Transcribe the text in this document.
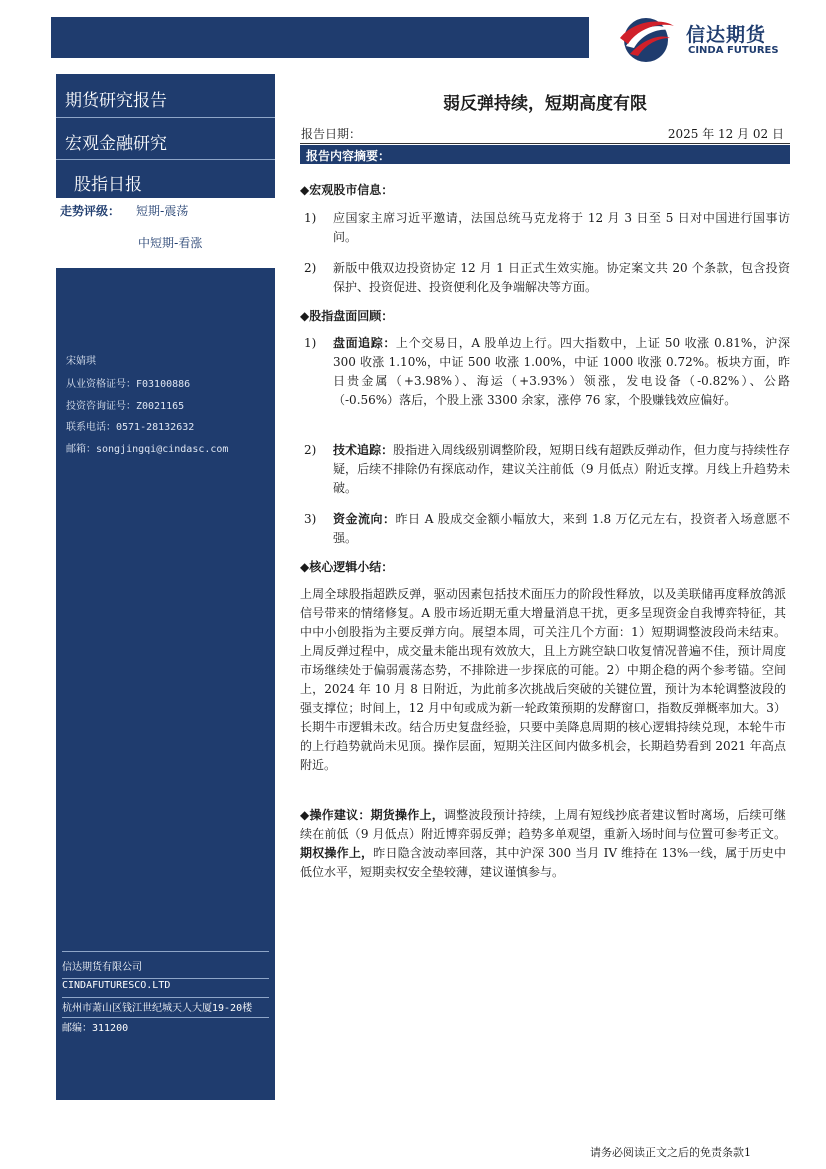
信达期货
CINDA FUTURES
期货研究报告
宏观金融研究
股指日报
走势评级： 短期-震荡
中短期-看涨
宋婧琪
从业资格证号：F03100886
投资咨询证号：Z0021165
联系电话：0571-28132632
邮箱：songjingqi@cindasc.com
信达期货有限公司
CINDAFUTURESCO.LTD
杭州市萧山区钱江世纪城天人大厦19-20楼
邮编：311200
弱反弹持续，短期高度有限
报告日期：	2025 年 12 月 02 日
报告内容摘要：
◆宏观股市信息：
1) 应国家主席习近平邀请，法国总统马克龙将于 12 月 3 日至 5 日对中国进行国事访问。
2) 新版中俄双边投资协定 12 月 1 日正式生效实施。协定案文共 20 个条款，包含投资保护、投资促进、投资便利化及争端解决等方面。
◆股指盘面回顾：
1) 盘面追踪：上个交易日，A 股单边上行。四大指数中，上证 50 收涨 0.81%，沪深 300 收涨 1.10%，中证 500 收涨 1.00%，中证 1000 收涨 0.72%。板块方面，昨日贵金属（+3.98%）、海运（+3.93%）领涨，发电设备（-0.82%）、公路（-0.56%）落后，个股上涨 3300 余家，涨停 76 家，个股赚钱效应偏好。
2) 技术追踪：股指进入周线级别调整阶段，短期日线有超跌反弹动作，但力度与持续性存疑，后续不排除仍有探底动作，建议关注前低（9 月低点）附近支撑。月线上升趋势未破。
3) 资金流向：昨日 A 股成交金额小幅放大，来到 1.8 万亿元左右，投资者入场意愿不强。
◆核心逻辑小结：
上周全球股指超跌反弹，驱动因素包括技术面压力的阶段性释放，以及美联储再度释放鸽派信号带来的情绪修复。A 股市场近期无重大增量消息干扰，更多呈现资金自我博弈特征，其中中小创股指为主要反弹方向。展望本周，可关注几个方面：1）短期调整波段尚未结束。上周反弹过程中，成交量未能出现有效放大，且上方跳空缺口收复情况普遍不佳，预计周度市场继续处于偏弱震荡态势，不排除进一步探底的可能。2）中期企稳的两个参考锚。空间上，2024 年 10 月 8 日附近，为此前多次挑战后突破的关键位置，预计为本轮调整波段的强支撑位；时间上，12 月中旬或成为新一轮政策预期的发酵窗口，指数反弹概率加大。3）长期牛市逻辑未改。结合历史复盘经验，只要中美降息周期的核心逻辑持续兑现，本轮牛市的上行趋势就尚未见顶。操作层面，短期关注区间内做多机会，长期趋势看到 2021 年高点附近。
◆操作建议：期货操作上，调整波段预计持续，上周有短线抄底者建议暂时离场，后续可继续在前低（9 月低点）附近博弈弱反弹；趋势多单观望，重新入场时间与位置可参考正文。期权操作上，昨日隐含波动率回落，其中沪深 300 当月 IV 维持在 13%一线，属于历史中低位水平，短期卖权安全垫较薄，建议谨慎参与。
请务必阅读正文之后的免责条款1
